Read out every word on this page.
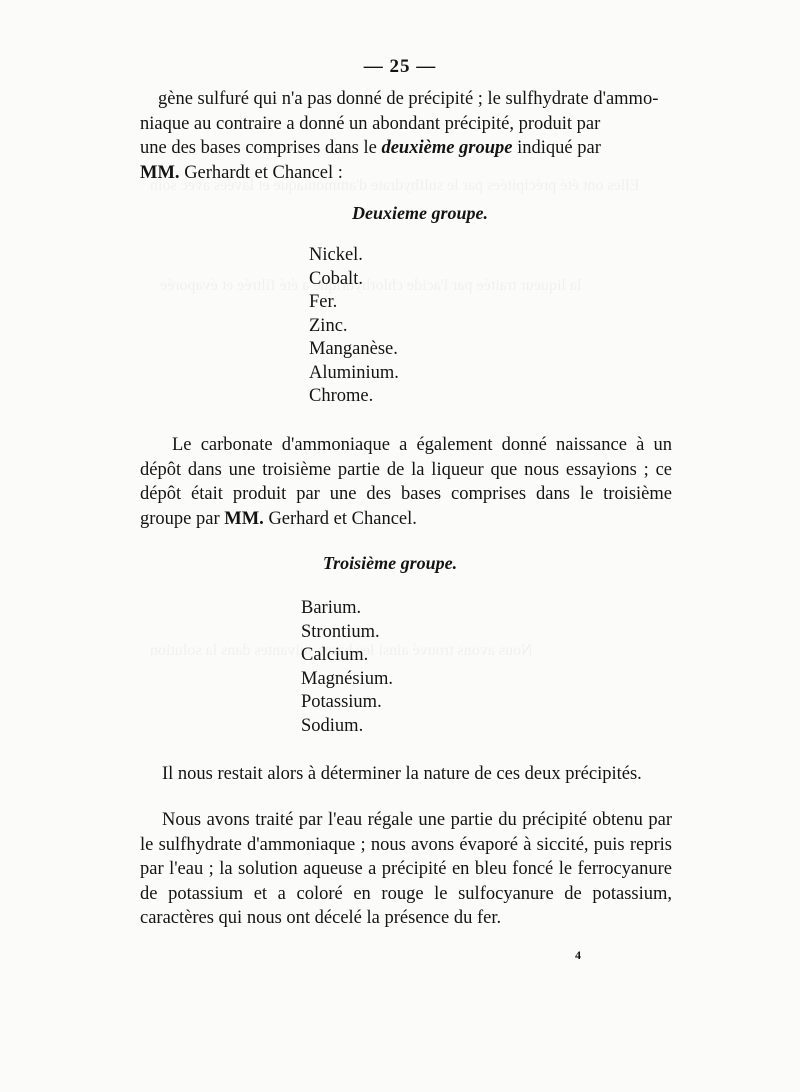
— 25 —
gène sulfuré qui n'a pas donné de précipité ; le sulfhydrate d'ammo-
niaque au contraire a donné un abondant précipité, produit par
une des bases comprises dans le deuxième groupe indiqué par
MM. Gerhardt et Chancel :
Deuxieme groupe.
Nickel.
Cobalt.
Fer.
Zinc.
Manganèse.
Aluminium.
Chrome.
Le carbonate d'ammoniaque a également donné naissance à un dépôt dans une troisième partie de la liqueur que nous essayions ; ce dépôt était produit par une des bases comprises dans le troisième groupe par MM. Gerhard et Chancel.
Troisième groupe.
Barium.
Strontium.
Calcium.
Magnésium.
Potassium.
Sodium.
Il nous restait alors à déterminer la nature de ces deux précipités.
Nous avons traité par l'eau régale une partie du précipité obtenu par le sulfhydrate d'ammoniaque ; nous avons évaporé à siccité, puis repris par l'eau ; la solution aqueuse a précipité en bleu foncé le ferrocyanure de potassium et a coloré en rouge le sulfocyanure de potassium, caractères qui nous ont décelé la présence du fer.
4
